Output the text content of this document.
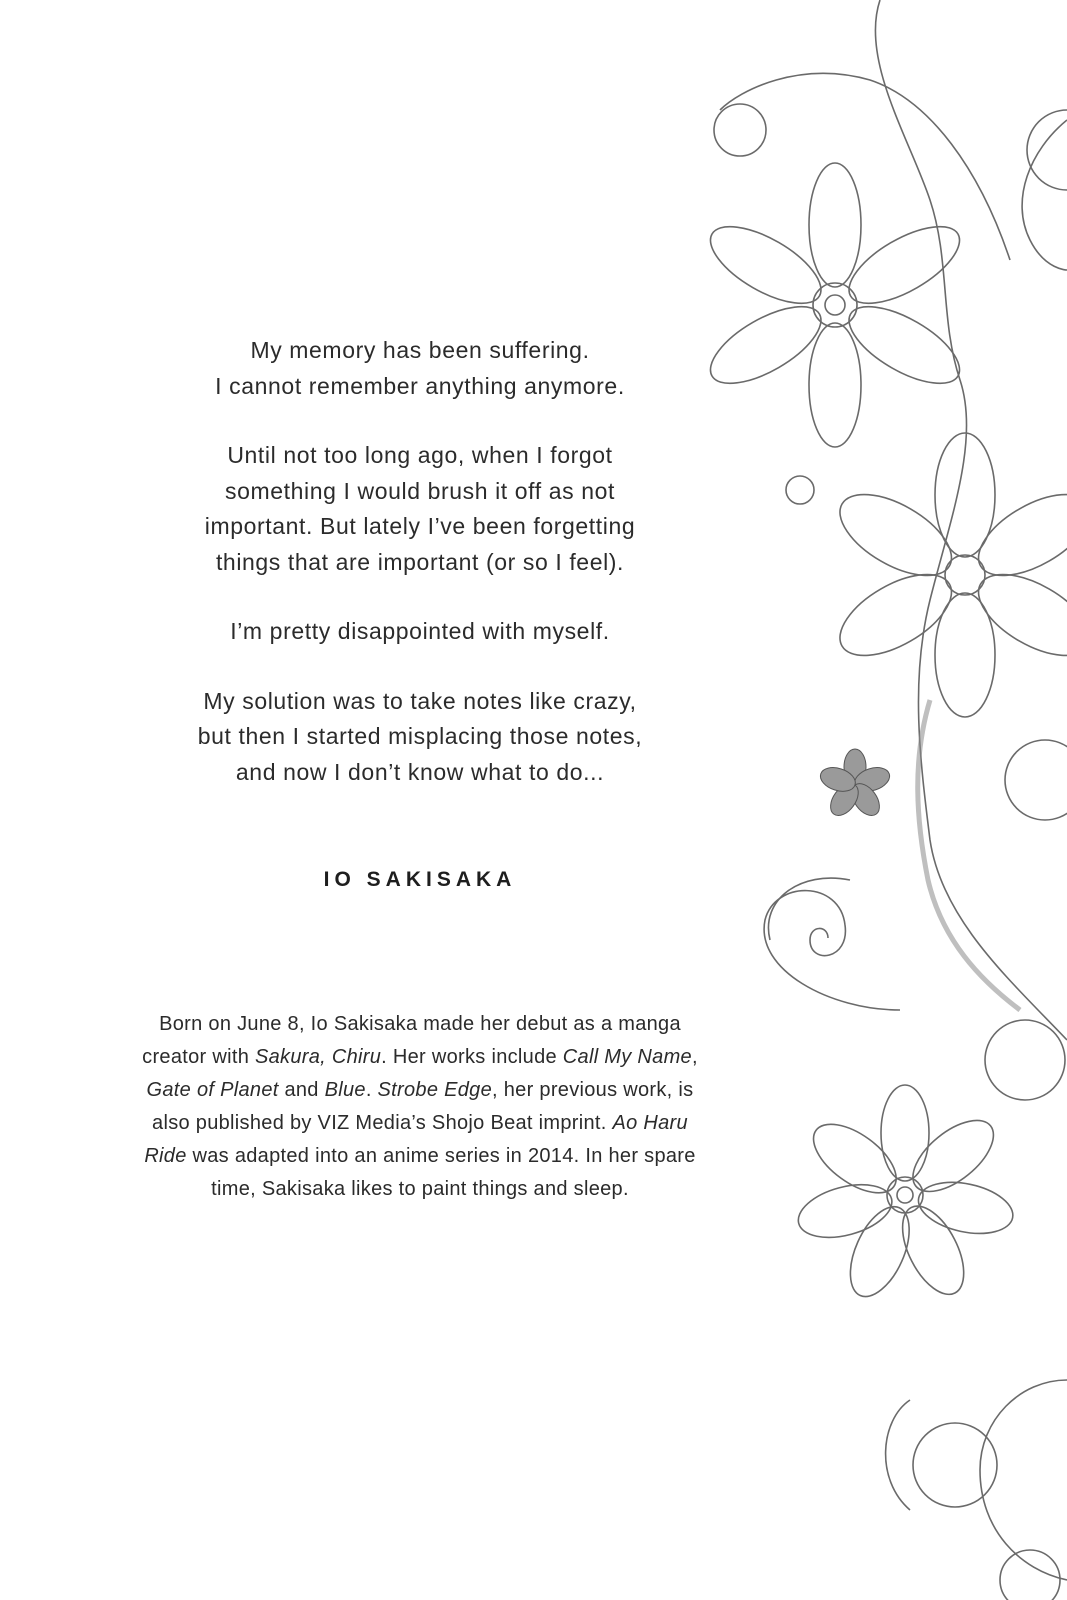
My memory has been suffering.
I cannot remember anything anymore.

Until not too long ago, when I forgot
something I would brush it off as not
important. But lately I’ve been forgetting
things that are important (or so I feel).

I’m pretty disappointed with myself.

My solution was to take notes like crazy,
but then I started misplacing those notes,
and now I don’t know what to do...

IO SAKISAKA
Born on June 8, Io Sakisaka made her debut as a manga creator with Sakura, Chiru. Her works include Call My Name, Gate of Planet and Blue. Strobe Edge, her previous work, is also published by VIZ Media’s Shojo Beat imprint. Ao Haru Ride was adapted into an anime series in 2014. In her spare time, Sakisaka likes to paint things and sleep.
